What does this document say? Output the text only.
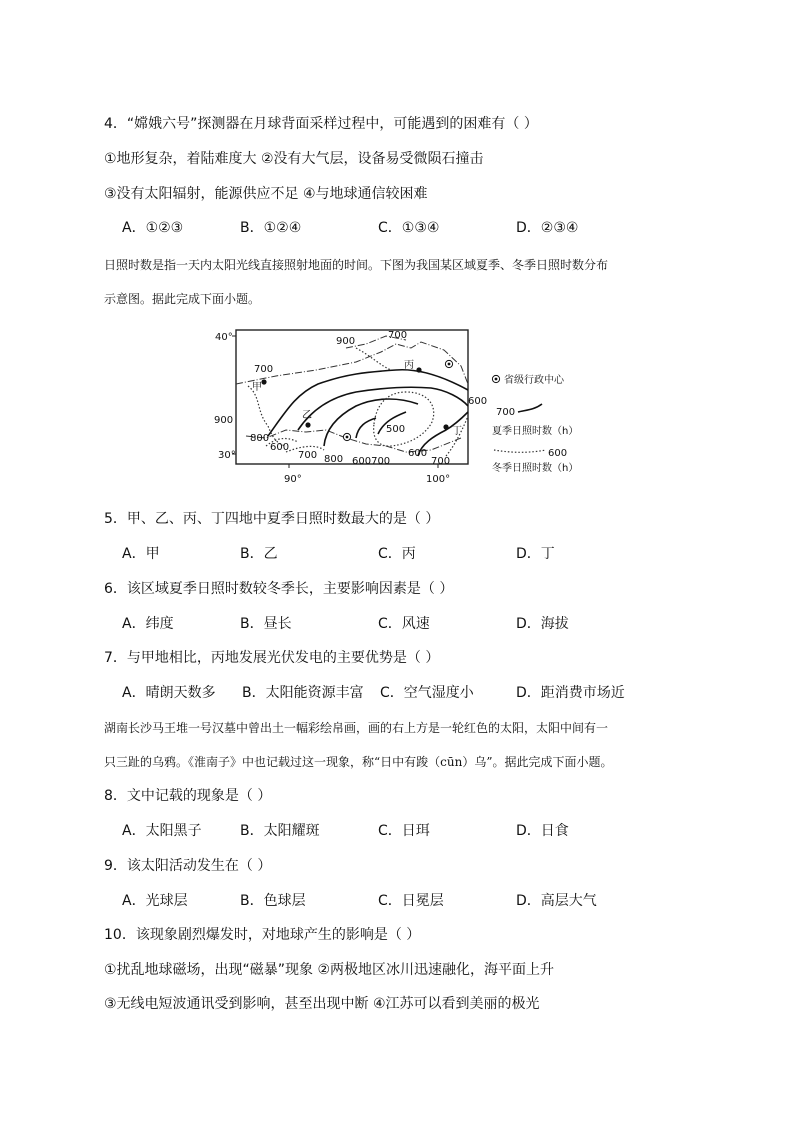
4．“嫦娥六号”探测器在月球背面采样过程中，可能遇到的困难有（ ）
①地形复杂，着陆难度大 ②没有大气层，设备易受微陨石撞击
③没有太阳辐射，能源供应不足 ④与地球通信较困难
A．①②③	B．①②④	C．①③④	D．②③④
日照时数是指一天内太阳光线直接照射地面的时间。下图为我国某区域夏季、冬季日照时数分布
示意图。据此完成下面小题。
40°
30°
900
90°	100°
900
700
700
800
600
700 800 600700
500
600
700
600
甲
乙
丙
丁
省级行政中心
700
夏季日照时数（h）
600
冬季日照时数（h）
5．甲、乙、丙、丁四地中夏季日照时数最大的是（ ）
A．甲	B．乙	C．丙	D．丁
6．该区域夏季日照时数较冬季长，主要影响因素是（ ）
A．纬度	B．昼长	C．风速	D．海拔
7．与甲地相比，丙地发展光伏发电的主要优势是（ ）
A．晴朗天数多 B．太阳能资源丰富 C．空气湿度小	D．距消费市场近
湖南长沙马王堆一号汉墓中曾出土一幅彩绘帛画，画的右上方是一轮红色的太阳，太阳中间有一
只三趾的乌鸦。《淮南子》中也记载过这一现象，称“日中有踆（cūn）乌”。据此完成下面小题。
8．文中记载的现象是（ ）
A．太阳黑子	B．太阳耀斑	C．日珥	D．日食
9．该太阳活动发生在（ ）
A．光球层	B．色球层	C．日冕层	D．高层大气
10．该现象剧烈爆发时，对地球产生的影响是（ ）
①扰乱地球磁场，出现“磁暴”现象 ②两极地区冰川迅速融化，海平面上升
③无线电短波通讯受到影响，甚至出现中断 ④江苏可以看到美丽的极光
